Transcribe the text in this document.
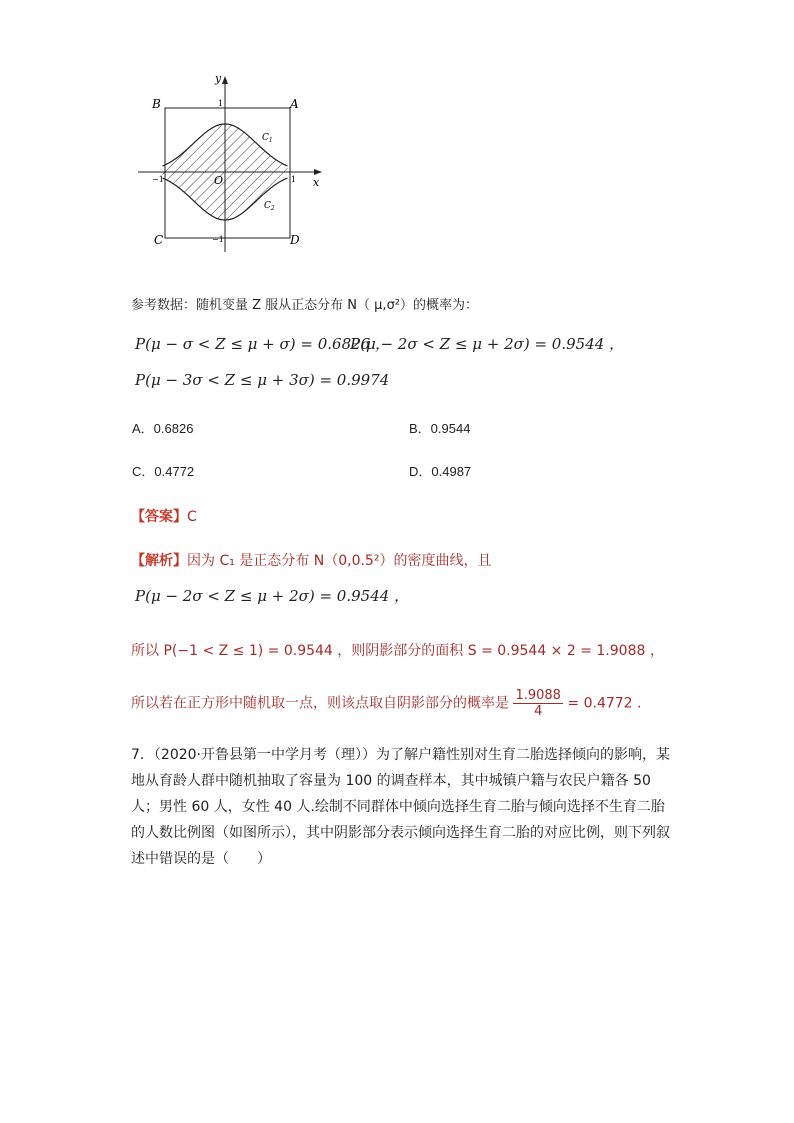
B	A
C	D
x
y
O
1
−1
1
−1
$C_1$
$C_2$
参考数据：随机变量 Z 服从正态分布 N（ μ,σ²）的概率为：
P(μ − σ < Z ≤ μ + σ) = 0.6826 ，
P(μ − 2σ < Z ≤ μ + 2σ) = 0.9544 ，
P(μ − 3σ < Z ≤ μ + 3σ) = 0.9974
A．0.6826	B．0.9544
C．0.4772	D．0.4987
【答案】C
【解析】因为 C₁ 是正态分布 N（0,0.5²）的密度曲线，且
P(μ − 2σ < Z ≤ μ + 2σ) = 0.9544 ，
所以 P(−1 < Z ≤ 1) = 0.9544 ，则阴影部分的面积 S = 0.9544 × 2 = 1.9088 ，
所以若在正方形中随机取一点，则该点取自阴影部分的概率是 $\frac{1.9088}{4} = 0.4772$ .
7．（2020·开鲁县第一中学月考（理））为了解户籍性别对生育二胎选择倾向的影响，某地从育龄人群中随机抽取了容量为 100 的调查样本，其中城镇户籍与农民户籍各 50 人；男性 60 人，女性 40 人.绘制不同群体中倾向选择生育二胎与倾向选择不生育二胎的人数比例图（如图所示），其中阴影部分表示倾向选择生育二胎的对应比例，则下列叙述中错误的是（　　）
